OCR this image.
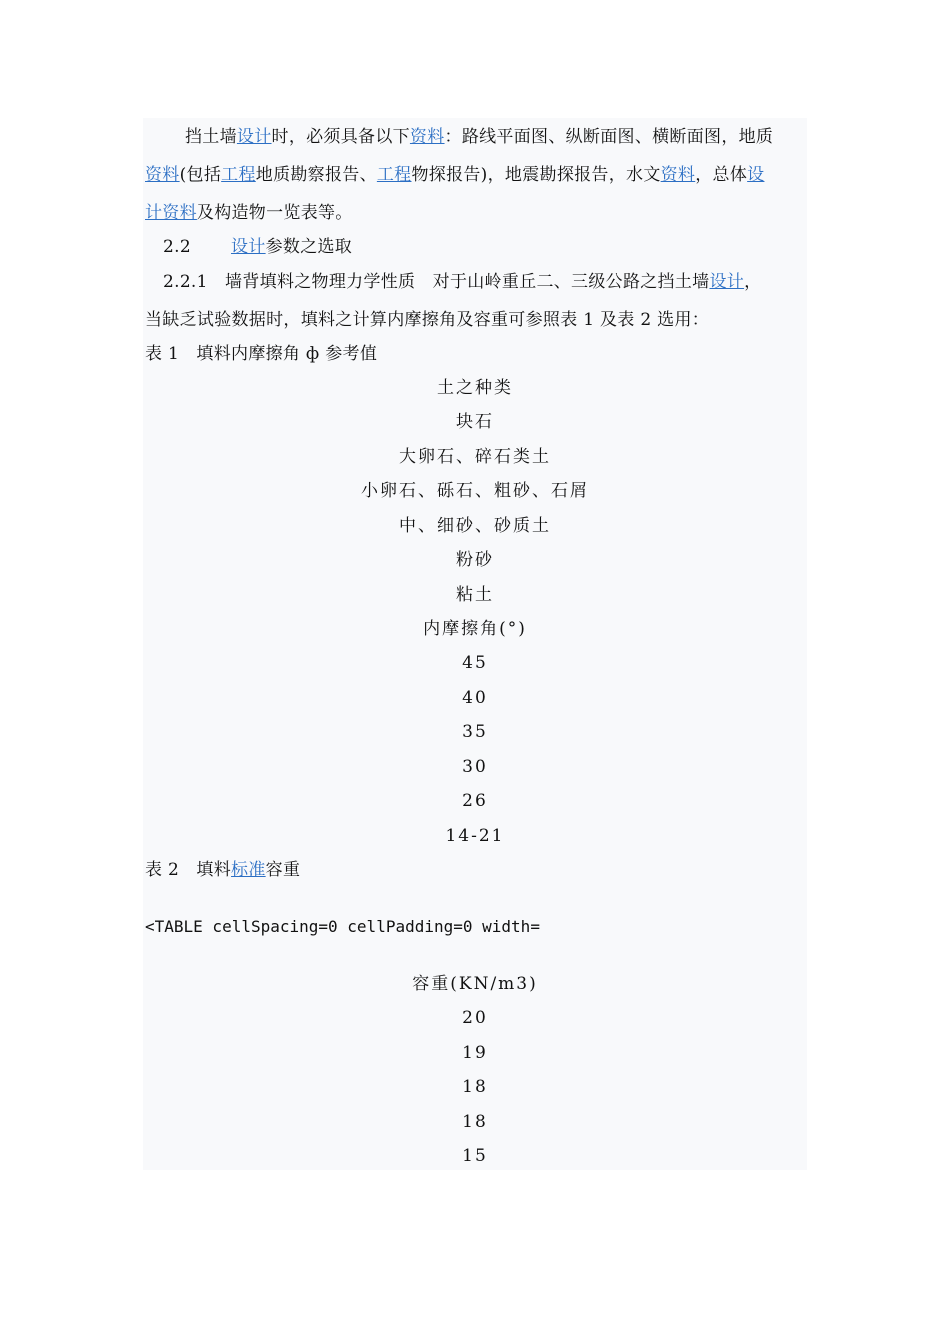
挡土墙设计时，必须具备以下资料：路线平面图、纵断面图、横断面图，地质
资料(包括工程地质勘察报告、工程物探报告)，地震勘探报告，水文资料，总体设
计资料及构造物一览表等。
2.2 设计参数之选取
2.2.1　墙背填料之物理力学性质　对于山岭重丘二、三级公路之挡土墙设计，
当缺乏试验数据时，填料之计算内摩擦角及容重可参照表 1 及表 2 选用：
表 1　填料内摩擦角 ф 参考值
土之种类
块石
大卵石、碎石类土
小卵石、砾石、粗砂、石屑
中、细砂、砂质土
粉砂
粘土
内摩擦角(°)
45
40
35
30
26
14-21
表 2　填料标准容重
<TABLE cellSpacing=0 cellPadding=0 width=
容重(KN/m3)
20
19
18
18
15
